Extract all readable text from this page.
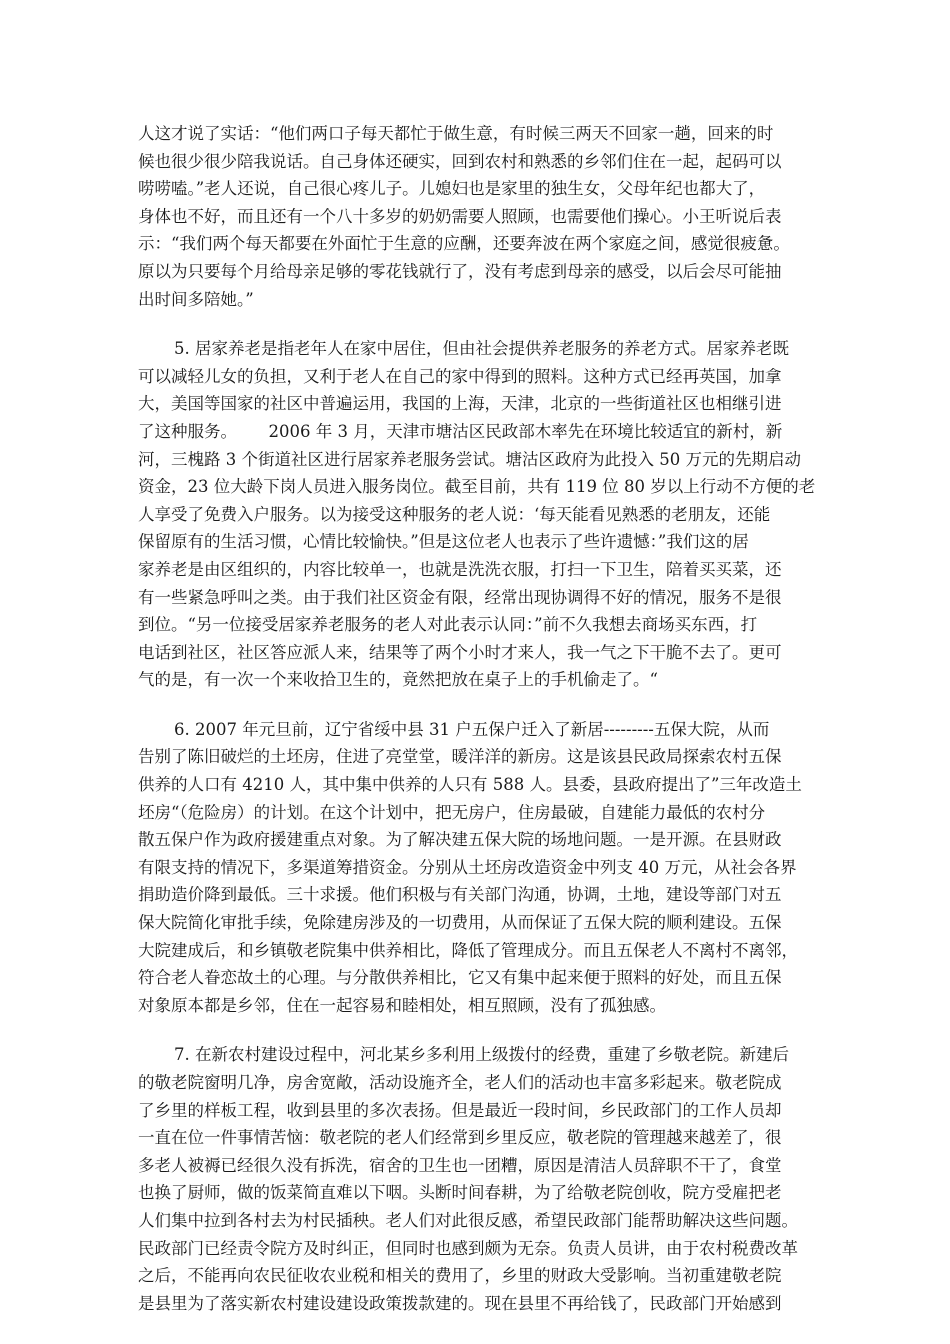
人这才说了实话：“他们两口子每天都忙于做生意，有时候三两天不回家一趟，回来的时
候也很少很少陪我说话。自己身体还硬实，回到农村和熟悉的乡邻们住在一起，起码可以
唠唠嗑。”老人还说，自己很心疼儿子。儿媳妇也是家里的独生女，父母年纪也都大了，
身体也不好，而且还有一个八十多岁的奶奶需要人照顾，也需要他们操心。小王听说后表
示：“我们两个每天都要在外面忙于生意的应酬，还要奔波在两个家庭之间，感觉很疲惫。
原以为只要每个月给母亲足够的零花钱就行了，没有考虑到母亲的感受，以后会尽可能抽
出时间多陪她。”
5. 居家养老是指老年人在家中居住，但由社会提供养老服务的养老方式。居家养老既
可以减轻儿女的负担，又利于老人在自己的家中得到的照料。这种方式已经再英国，加拿
大，美国等国家的社区中普遍运用，我国的上海，天津，北京的一些街道社区也相继引进
了这种服务。      2006 年 3 月，天津市塘沽区民政部木率先在环境比较适宜的新村，新
河，三槐路 3 个街道社区进行居家养老服务尝试。塘沽区政府为此投入 50 万元的先期启动
资金，23 位大龄下岗人员进入服务岗位。截至目前，共有 119 位 80 岁以上行动不方便的老
人享受了免费入户服务。以为接受这种服务的老人说：‘每天能看见熟悉的老朋友，还能
保留原有的生活习惯，心情比较愉快。”但是这位老人也表示了些许遗憾：”我们这的居
家养老是由区组织的，内容比较单一，也就是洗洗衣服，打扫一下卫生，陪着买买菜，还
有一些紧急呼叫之类。由于我们社区资金有限，经常出现协调得不好的情况，服务不是很
到位。“另一位接受居家养老服务的老人对此表示认同：”前不久我想去商场买东西，打
电话到社区，社区答应派人来，结果等了两个小时才来人，我一气之下干脆不去了。更可
气的是，有一次一个来收拾卫生的，竟然把放在桌子上的手机偷走了。“
6. 2007 年元旦前，辽宁省绥中县 31 户五保户迁入了新居---------五保大院，从而
告别了陈旧破烂的土坯房，住进了亮堂堂，暖洋洋的新房。这是该县民政局探索农村五保
供养的人口有 4210 人，其中集中供养的人只有 588 人。县委，县政府提出了”三年改造土
坯房“（危险房）的计划。在这个计划中，把无房户，住房最破，自建能力最低的农村分
散五保户作为政府援建重点对象。为了解决建五保大院的场地问题。一是开源。在县财政
有限支持的情况下，多渠道筹措资金。分别从土坯房改造资金中列支 40 万元，从社会各界
捐助造价降到最低。三十求援。他们积极与有关部门沟通，协调，土地，建设等部门对五
保大院简化审批手续，免除建房涉及的一切费用，从而保证了五保大院的顺利建设。五保
大院建成后，和乡镇敬老院集中供养相比，降低了管理成分。而且五保老人不离村不离邻，
符合老人眷恋故土的心理。与分散供养相比，它又有集中起来便于照料的好处，而且五保
对象原本都是乡邻，住在一起容易和睦相处，相互照顾，没有了孤独感。
7. 在新农村建设过程中，河北某乡多利用上级拨付的经费，重建了乡敬老院。新建后
的敬老院窗明几净，房舍宽敞，活动设施齐全，老人们的活动也丰富多彩起来。敬老院成
了乡里的样板工程，收到县里的多次表扬。但是最近一段时间，乡民政部门的工作人员却
一直在位一件事情苦恼：敬老院的老人们经常到乡里反应，敬老院的管理越来越差了，很
多老人被褥已经很久没有拆洗，宿舍的卫生也一团糟，原因是清洁人员辞职不干了，食堂
也换了厨师，做的饭菜简直难以下咽。头断时间春耕，为了给敬老院创收，院方受雇把老
人们集中拉到各村去为村民插秧。老人们对此很反感，希望民政部门能帮助解决这些问题。
民政部门已经责令院方及时纠正，但同时也感到颇为无奈。负责人员讲，由于农村税费改革
之后，不能再向农民征收农业税和相关的费用了，乡里的财政大受影响。当初重建敬老院
是县里为了落实新农村建设建设政策拨款建的。现在县里不再给钱了，民政部门开始感到
